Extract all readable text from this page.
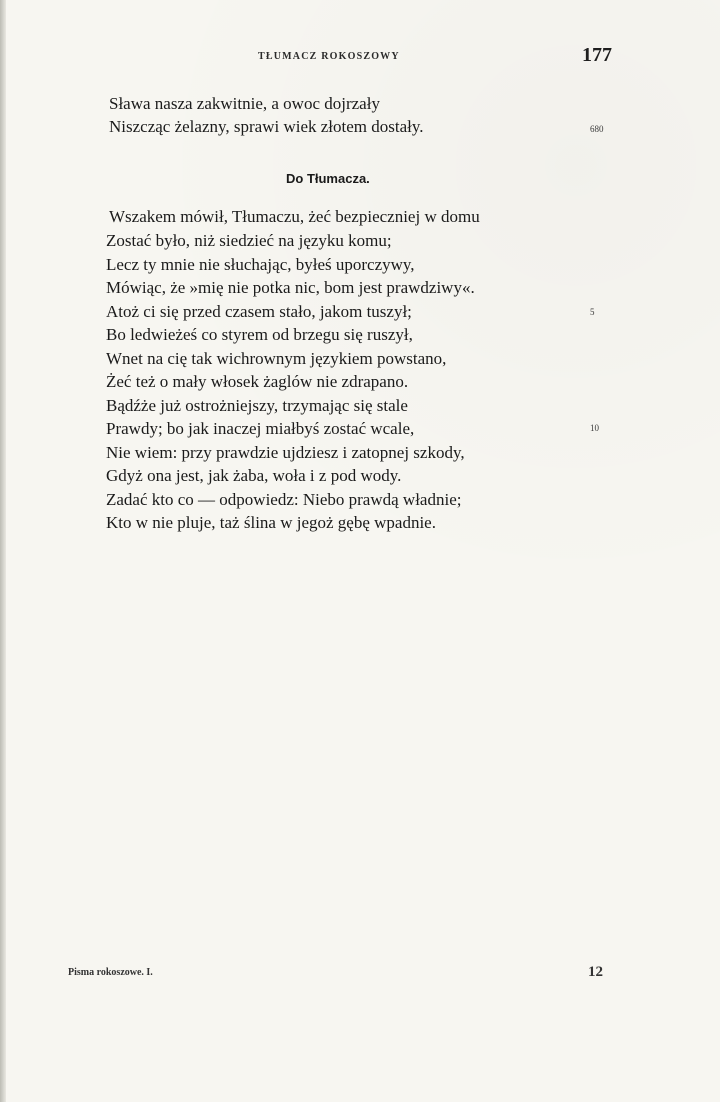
TŁUMACZ ROKOSZOWY	177
Sława nasza zakwitnie, a owoc dojrzały
Niszcząc żelazny, sprawi wiek złotem dostały.	680
Do Tłumacza.
Wszakem mówił, Tłumaczu, żeć bezpieczniej w domu
Zostać było, niż siedzieć na języku komu;
Lecz ty mnie nie słuchając, byłeś uporczywy,
Mówiąc, że »mię nie potka nic, bom jest prawdziwy«.
Atoż ci się przed czasem stało, jakom tuszył;	5
Bo ledwieżeś co styrem od brzegu się ruszył,
Wnet na cię tak wichrownym językiem powstano,
Żeć też o mały włosek żaglów nie zdrapano.
Bądźże już ostrożniejszy, trzymając się stale
Prawdy; bo jak inaczej miałbyś zostać wcale,	10
Nie wiem: przy prawdzie ujdziesz i zatopnej szkody,
Gdyż ona jest, jak żaba, woła i z pod wody.
Zadać kto co — odpowiedz: Niebo prawdą władnie;
Kto w nie pluje, taż ślina w jegoż gębę wpadnie.
Pisma rokoszowe. I.	12
